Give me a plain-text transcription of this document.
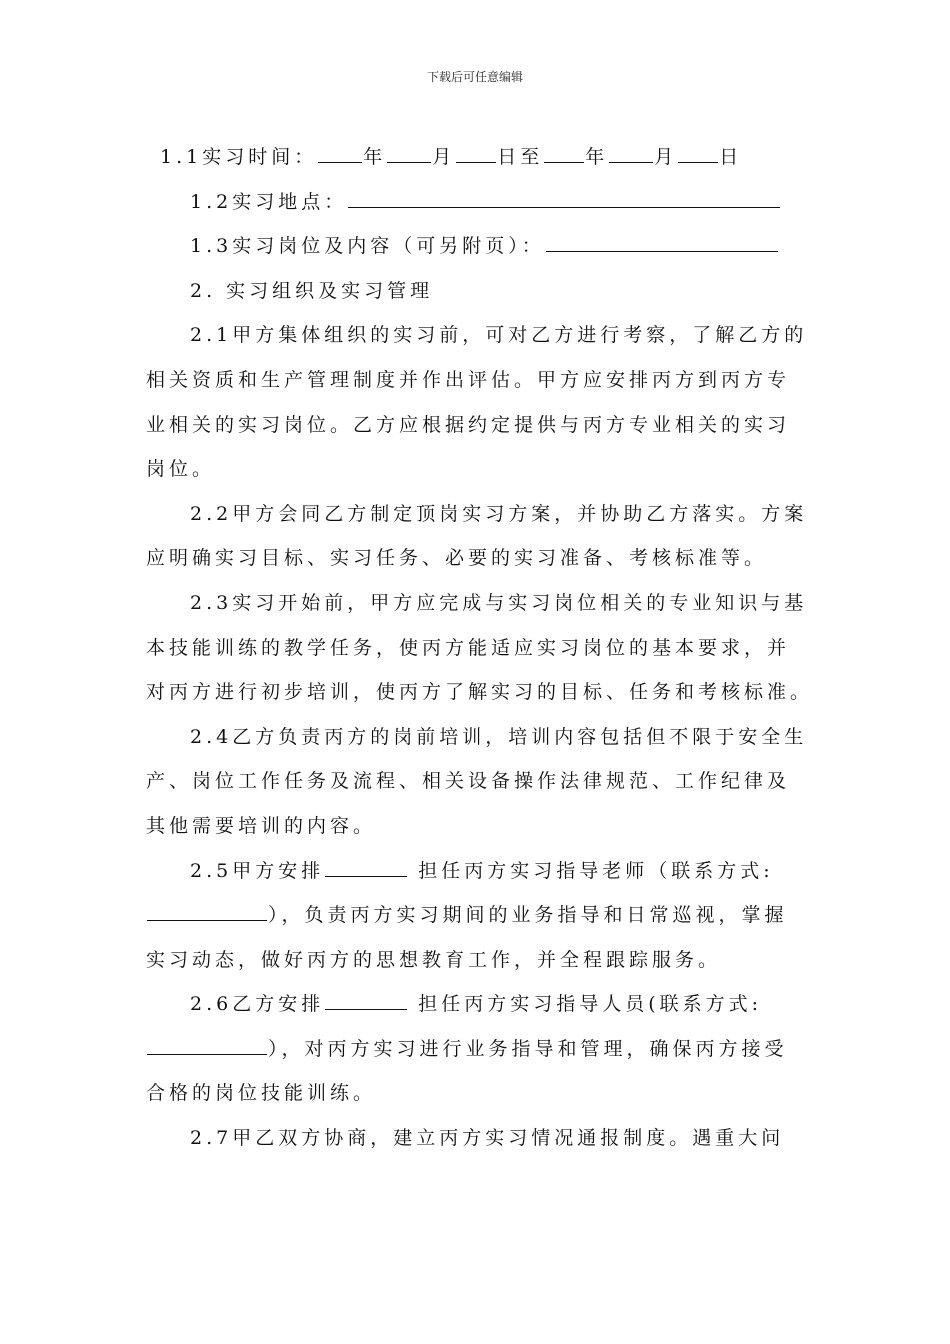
下载后可任意编辑
1.1实习时间： 年 月 日至 年 月 日
1.2实习地点：
1.3实习岗位及内容（可另附页）：
2. 实习组织及实习管理
2.1甲方集体组织的实习前，可对乙方进行考察，了解乙方的
相关资质和生产管理制度并作出评估。甲方应安排丙方到丙方专
业相关的实习岗位。乙方应根据约定提供与丙方专业相关的实习
岗位。
2.2甲方会同乙方制定顶岗实习方案，并协助乙方落实。方案
应明确实习目标、实习任务、必要的实习准备、考核标准等。
2.3实习开始前，甲方应完成与实习岗位相关的专业知识与基
本技能训练的教学任务，使丙方能适应实习岗位的基本要求，并
对丙方进行初步培训，使丙方了解实习的目标、任务和考核标准。
2.4乙方负责丙方的岗前培训，培训内容包括但不限于安全生
产、岗位工作任务及流程、相关设备操作法律规范、工作纪律及
其他需要培训的内容。
2.5甲方安排	担任丙方实习指导老师（联系方式:
），负责丙方实习期间的业务指导和日常巡视，掌握
实习动态，做好丙方的思想教育工作，并全程跟踪服务。
2.6乙方安排	担任丙方实习指导人员(联系方式:
），对丙方实习进行业务指导和管理，确保丙方接受
合格的岗位技能训练。
2.7甲乙双方协商，建立丙方实习情况通报制度。遇重大问
